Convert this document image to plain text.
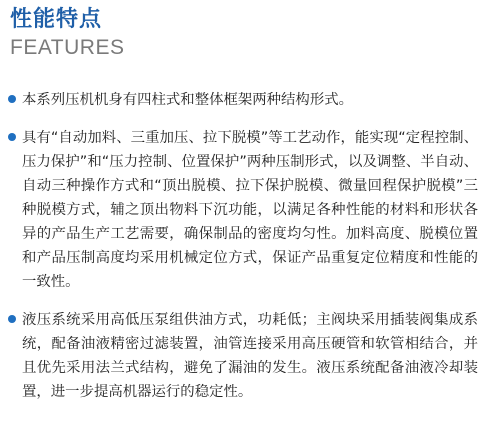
性能特点
FEATURES

本系列压机机身有四柱式和整体框架两种结构形式。

具有“自动加料、三重加压、拉下脱模”等工艺动作，能实现“定程控制、压力保护”和“压力控制、位置保护”两种压制形式，以及调整、半自动、自动三种操作方式和“顶出脱模、拉下保护脱模、微量回程保护脱模”三种脱模方式，辅之顶出物料下沉功能，以满足各种性能的材料和形状各异的产品生产工艺需要，确保制品的密度均匀性。加料高度、脱模位置和产品压制高度均采用机械定位方式，保证产品重复定位精度和性能的一致性。

液压系统采用高低压泵组供油方式，功耗低；主阀块采用插装阀集成系统，配备油液精密过滤装置，油管连接采用高压硬管和软管相结合，并且优先采用法兰式结构，避免了漏油的发生。液压系统配备油液冷却装置，进一步提高机器运行的稳定性。
